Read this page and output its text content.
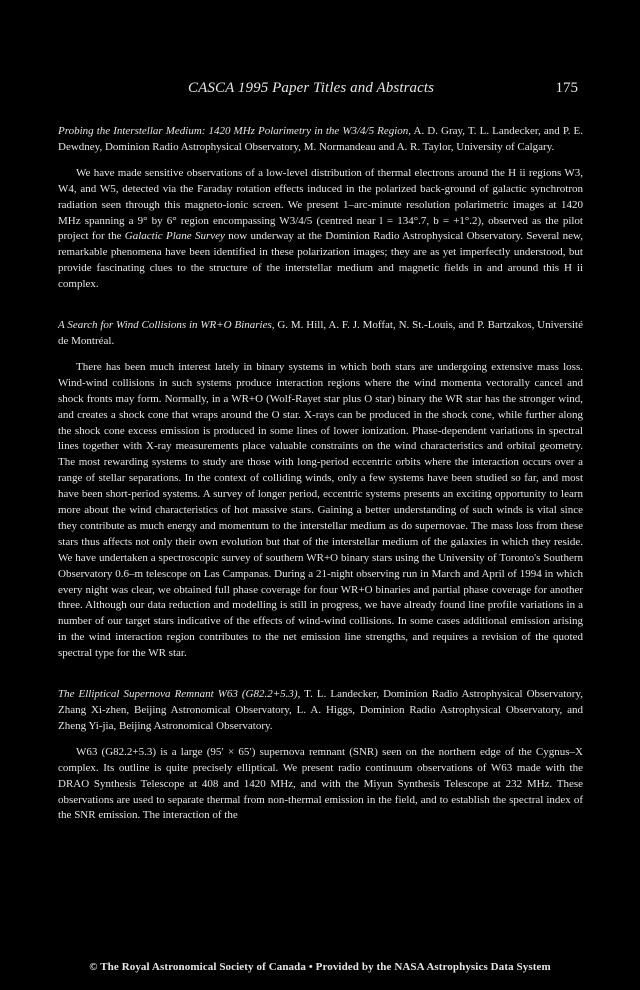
CASCA 1995 Paper Titles and Abstracts	175

Probing the Interstellar Medium: 1420 MHz Polarimetry in the W3/4/5 Region, A. D. Gray, T. L. Landecker, and P. E. Dewdney, Dominion Radio Astrophysical Observatory, M. Normandeau and A. R. Taylor, University of Calgary.

We have made sensitive observations of a low-level distribution of thermal electrons around the H ii regions W3, W4, and W5, detected via the Faraday rotation effects induced in the polarized back-ground of galactic synchrotron radiation seen through this magneto-ionic screen. We present 1–arc-minute resolution polarimetric images at 1420 MHz spanning a 9° by 6° region encompassing W3/4/5 (centred near l = 134°.7, b = +1°.2), observed as the pilot project for the Galactic Plane Survey now underway at the Dominion Radio Astrophysical Observatory. Several new, remarkable phenomena have been identified in these polarization images; they are as yet imperfectly understood, but provide fascinating clues to the structure of the interstellar medium and magnetic fields in and around this H ii complex.

A Search for Wind Collisions in WR+O Binaries, G. M. Hill, A. F. J. Moffat, N. St.-Louis, and P. Bartzakos, Université de Montréal.

There has been much interest lately in binary systems in which both stars are undergoing extensive mass loss. Wind-wind collisions in such systems produce interaction regions where the wind momenta vectorally cancel and shock fronts may form. Normally, in a WR+O (Wolf-Rayet star plus O star) binary the WR star has the stronger wind, and creates a shock cone that wraps around the O star. X-rays can be produced in the shock cone, while further along the shock cone excess emission is produced in some lines of lower ionization. Phase-dependent variations in spectral lines together with X-ray measurements place valuable constraints on the wind characteristics and orbital geometry. The most rewarding systems to study are those with long-period eccentric orbits where the interaction occurs over a range of stellar separations. In the context of colliding winds, only a few systems have been studied so far, and most have been short-period systems. A survey of longer period, eccentric systems presents an exciting opportunity to learn more about the wind characteristics of hot massive stars. Gaining a better understanding of such winds is vital since they contribute as much energy and momentum to the interstellar medium as do supernovae. The mass loss from these stars thus affects not only their own evolution but that of the interstellar medium of the galaxies in which they reside. We have undertaken a spectroscopic survey of southern WR+O binary stars using the University of Toronto's Southern Observatory 0.6–m telescope on Las Campanas. During a 21-night observing run in March and April of 1994 in which every night was clear, we obtained full phase coverage for four WR+O binaries and partial phase coverage for another three. Although our data reduction and modelling is still in progress, we have already found line profile variations in a number of our target stars indicative of the effects of wind-wind collisions. In some cases additional emission arising in the wind interaction region contributes to the net emission line strengths, and requires a revision of the quoted spectral type for the WR star.

The Elliptical Supernova Remnant W63 (G82.2+5.3), T. L. Landecker, Dominion Radio Astrophysical Observatory, Zhang Xi-zhen, Beijing Astronomical Observatory, L. A. Higgs, Dominion Radio Astrophysical Observatory, and Zheng Yi-jia, Beijing Astronomical Observatory.

W63 (G82.2+5.3) is a large (95′ × 65′) supernova remnant (SNR) seen on the northern edge of the Cygnus–X complex. Its outline is quite precisely elliptical. We present radio continuum observations of W63 made with the DRAO Synthesis Telescope at 408 and 1420 MHz, and with the Miyun Synthesis Telescope at 232 MHz. These observations are used to separate thermal from non-thermal emission in the field, and to establish the spectral index of the SNR emission. The interaction of the

© The Royal Astronomical Society of Canada • Provided by the NASA Astrophysics Data System
